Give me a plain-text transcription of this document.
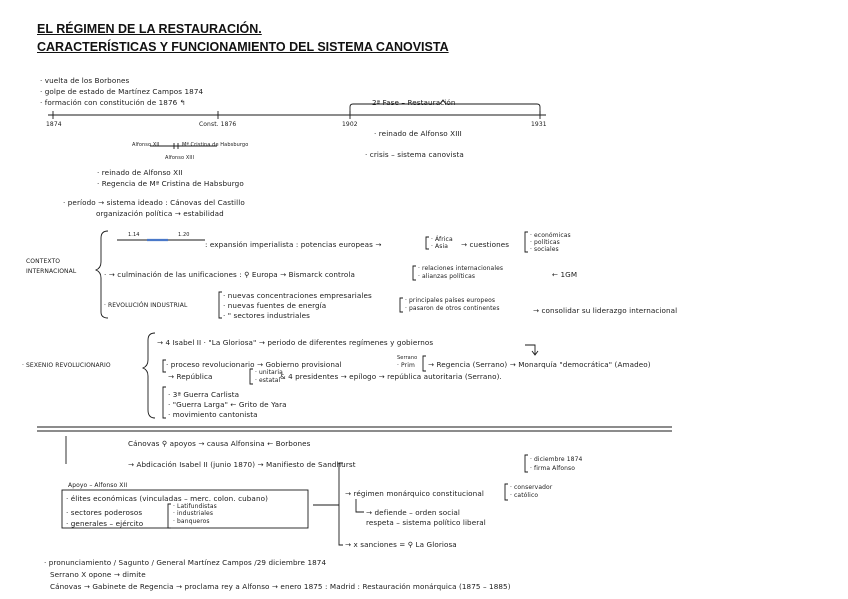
EL RÉGIMEN DE LA RESTAURACIÓN.
CARACTERÍSTICAS Y FUNCIONAMIENTO DEL SISTEMA CANOVISTA
· vuelta de los Borbones
· golpe de estado de Martínez Campos 1874
· formación con constitución de 1876 ↰	2ª Fase – Restauración
1874	Const. 1876	1902	1931
· reinado de Alfonso XIII
· crisis – sistema canovista
Alfonso XII	Mª Cristina de Habsburgo
Alfonso XIII
· reinado de Alfonso XII
· Regencia de Mª Cristina de Habsburgo
· período → sistema ideado : Cánovas del Castillo
organización política → estabilidad
CONTEXTO
INTERNACIONAL
1.14	1.20
: expansión imperialista : potencias europeas →
· África
· Asia → cuestiones
· económicas
· políticas
· sociales
· → culminación de las unificaciones : ⚲ Europa → Bismarck controla
· relaciones internacionales
· alianzas políticas	← 1GM
· REVOLUCIÓN INDUSTRIAL
· nuevas concentraciones empresariales
· nuevas fuentes de energía
· " sectores industriales
· principales países europeos
· pasaron de otros continentes	→ consolidar su liderazgo internacional
· SEXENIO REVOLUCIONARIO
→ 4 Isabel II · "La Gloriosa" → periodo de diferentes regímenes y gobiernos
Serrano
· proceso revolucionario → Gobierno provisional	· Prim → Regencia (Serrano) → Monarquía "democrática" (Amadeo)
→ República	· unitaria
· estatal & 4 presidentes → epílogo → república autoritaria (Serrano).
· 3ª Guerra Carlista
· "Guerra Larga" ← Grito de Yara
· movimiento cantonista
Cánovas ⚲ apoyos → causa Alfonsina ← Borbones
→ Abdicación Isabel II (junio 1870) → Manifiesto de Sandhurst
· diciembre 1874
· firma Alfonso
Apoyo – Alfonso XII
· élites económicas (vinculadas – merc. colon. cubano)
· sectores poderosos
· generales – ejército
· Latifundistas
· industriales
· banqueros
→ régimen monárquico constitucional
· conservador
· católico
→ defiende – orden social
respeta – sistema político liberal
→ x sanciones = ⚲ La Gloriosa
· pronunciamiento / Sagunto / General Martínez Campos /29 diciembre 1874
Serrano X opone → dimite
Cánovas → Gabinete de Regencia → proclama rey a Alfonso → enero 1875 : Madrid : Restauración monárquica (1875 – 1885)
